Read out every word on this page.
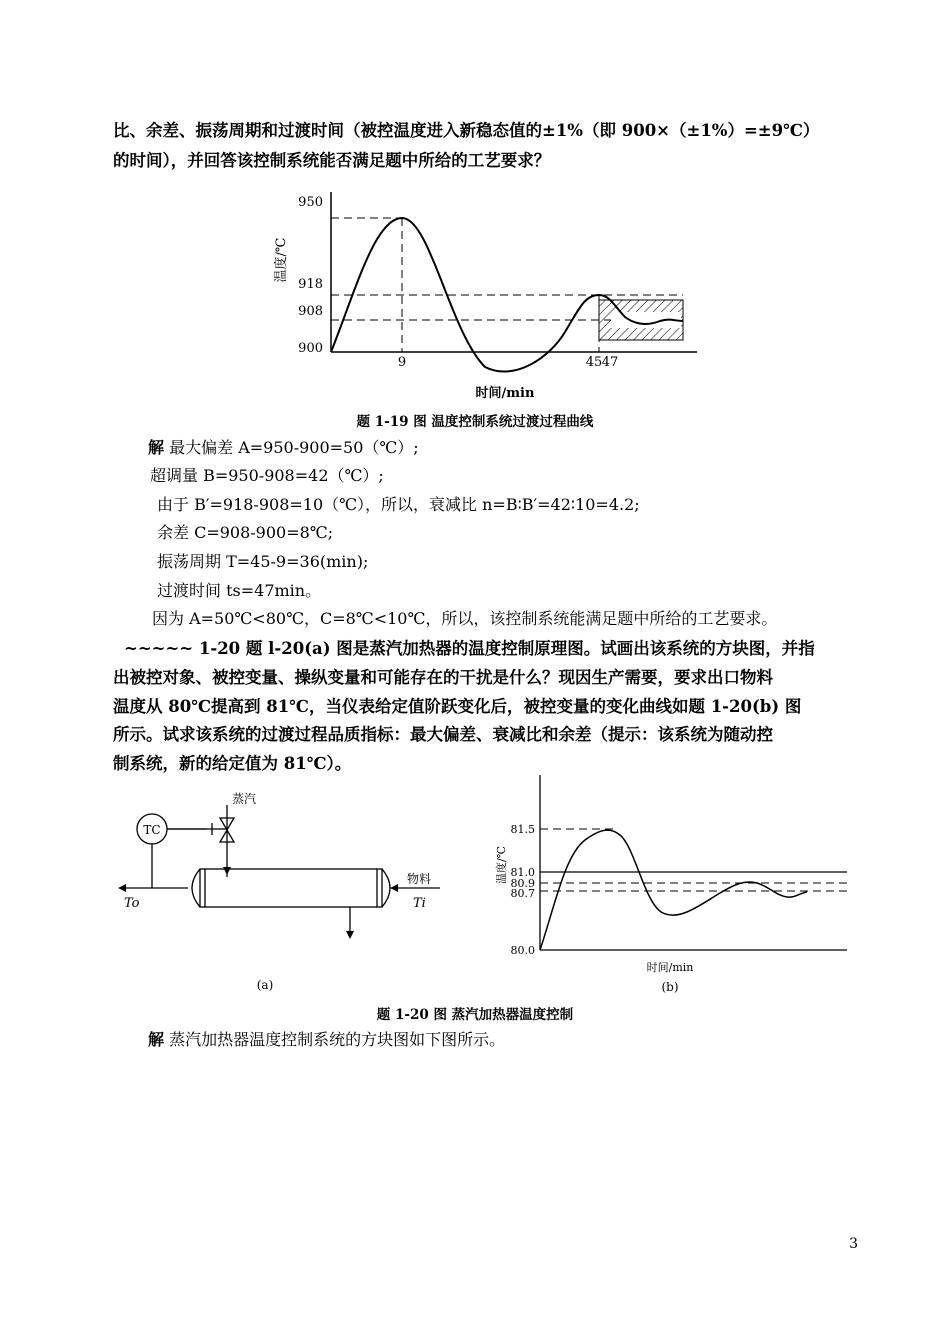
比、余差、振荡周期和过渡时间（被控温度进入新稳态值的±1%（即 900×（±1%）=±9℃）
的时间），并回答该控制系统能否满足题中所给的工艺要求？
950
918
908
900
9	45 47
温度/℃
时间/min
题 1-19 图 温度控制系统过渡过程曲线
解 最大偏差 A=950-900=50（℃）;
超调量 B=950-908=42（℃）;
由于 B′=918-908=10（℃），所以，衰减比 n=B∶B′=42∶10=4.2;
余差 C=908-900=8℃;
振荡周期 T=45-9=36(min);
过渡时间 ts=47min。
因为 A=50℃<80℃，C=8℃<10℃，所以，该控制系统能满足题中所给的工艺要求。
~~~~~ 1-20 题 l-20(a) 图是蒸汽加热器的温度控制原理图。试画出该系统的方块图，并指
出被控对象、被控变量、操纵变量和可能存在的干扰是什么？现因生产需要，要求出口物料
温度从 80℃提高到 81℃，当仪表给定值阶跃变化后，被控变量的变化曲线如题 1-20(b) 图
所示。试求该系统的过渡过程品质指标：最大偏差、衰减比和余差（提示：该系统为随动控
制系统，新的给定值为 81℃）。
TC
蒸汽
物料
To	Ti
(a)
81.5
81.0
80.9
80.7
80.0
温度/℃
时间/min
(b)
题 1-20 图 蒸汽加热器温度控制
解 蒸汽加热器温度控制系统的方块图如下图所示。
3
